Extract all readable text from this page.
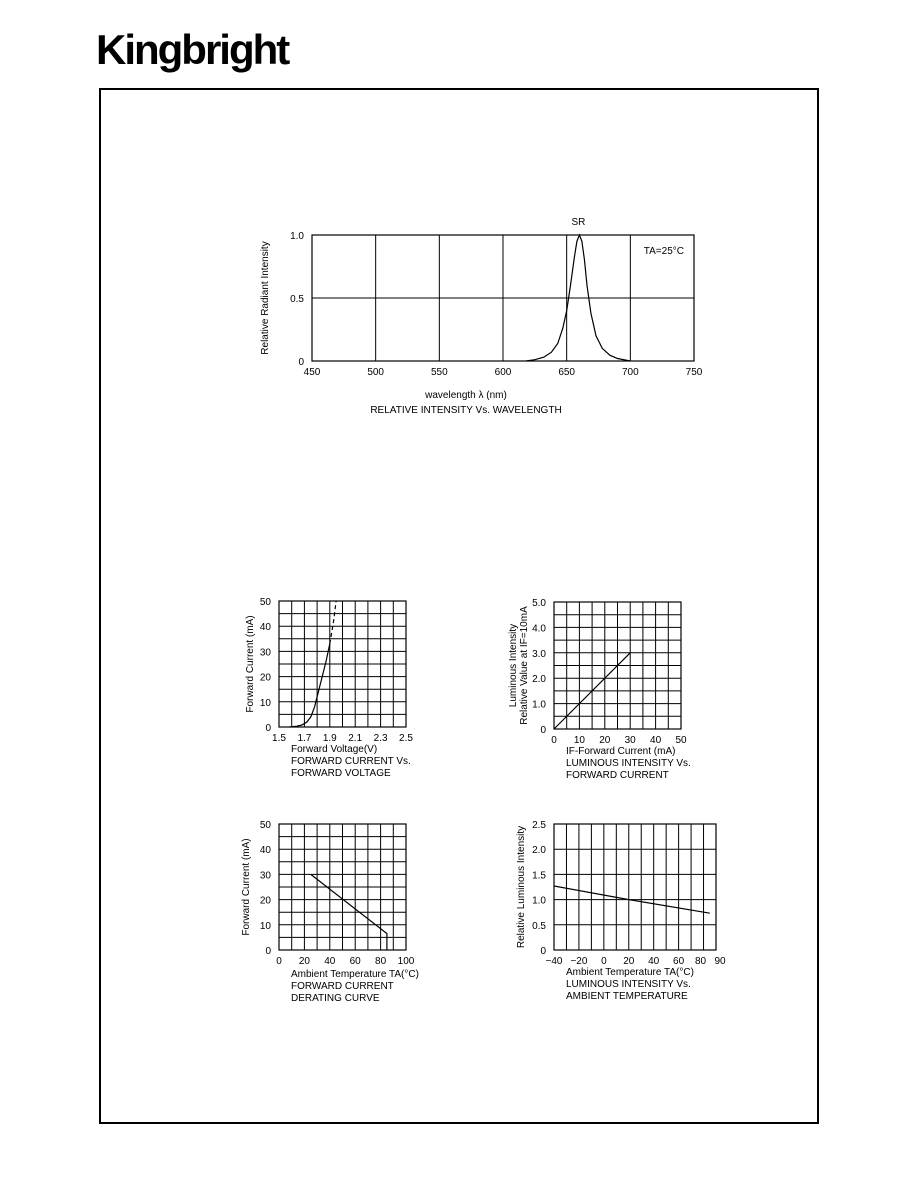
Kingbright
450	500	550	600	650	700	750
0
0.5
1.0
Relative Radiant Intensity
wavelength λ (nm)
RELATIVE INTENSITY Vs. WAVELENGTH
TA=25°C
SR
1.5 1.7 1.9 2.1 2.3 2.5
0
10
20
30
40
50
Forward Current (mA)
Forward Voltage(V)
FORWARD CURRENT Vs.
FORWARD VOLTAGE
0 10 20 30 40 50
0
1.0
2.0
3.0
4.0
5.0
Luminous Intensity Relative Value at IF=10mA
IF-Forward Current (mA)
LUMINOUS INTENSITY Vs.
FORWARD CURRENT
0 20 40 60 80 100
0
10
20
30
40
50
Forward Current (mA)
Ambient Temperature TA(°C)
FORWARD CURRENT
DERATING CURVE
−40 −20 0 20 40 60 80 90
0
0.5
1.0
1.5
2.0
2.5
Relative Luminous Intensity
Ambient Temperature TA(°C)
LUMINOUS INTENSITY Vs.
AMBIENT TEMPERATURE
